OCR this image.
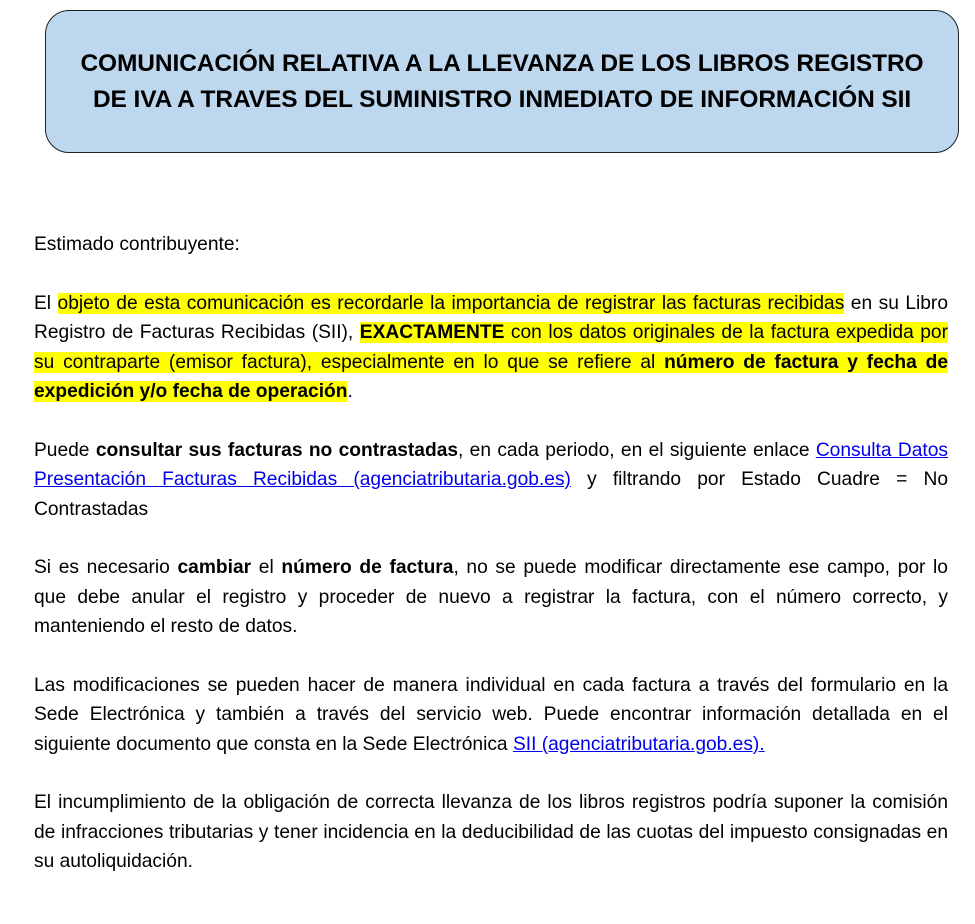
COMUNICACIÓN RELATIVA A LA LLEVANZA DE LOS LIBROS REGISTRO DE IVA A TRAVES DEL SUMINISTRO INMEDIATO DE INFORMACIÓN SII

Estimado contribuyente:

El objeto de esta comunicación es recordarle la importancia de registrar las facturas recibidas en su Libro Registro de Facturas Recibidas (SII), EXACTAMENTE con los datos originales de la factura expedida por su contraparte (emisor factura), especialmente en lo que se refiere al número de factura y fecha de expedición y/o fecha de operación.

Puede consultar sus facturas no contrastadas, en cada periodo, en el siguiente enlace Consulta Datos Presentación Facturas Recibidas (agenciatributaria.gob.es) y filtrando por Estado Cuadre = No Contrastadas

Si es necesario cambiar el número de factura, no se puede modificar directamente ese campo, por lo que debe anular el registro y proceder de nuevo a registrar la factura, con el número correcto, y manteniendo el resto de datos.

Las modificaciones se pueden hacer de manera individual en cada factura a través del formulario en la Sede Electrónica y también a través del servicio web. Puede encontrar información detallada en el siguiente documento que consta en la Sede Electrónica SII (agenciatributaria.gob.es).

El incumplimiento de la obligación de correcta llevanza de los libros registros podría suponer la comisión de infracciones tributarias y tener incidencia en la deducibilidad de las cuotas del impuesto consignadas en su autoliquidación.
